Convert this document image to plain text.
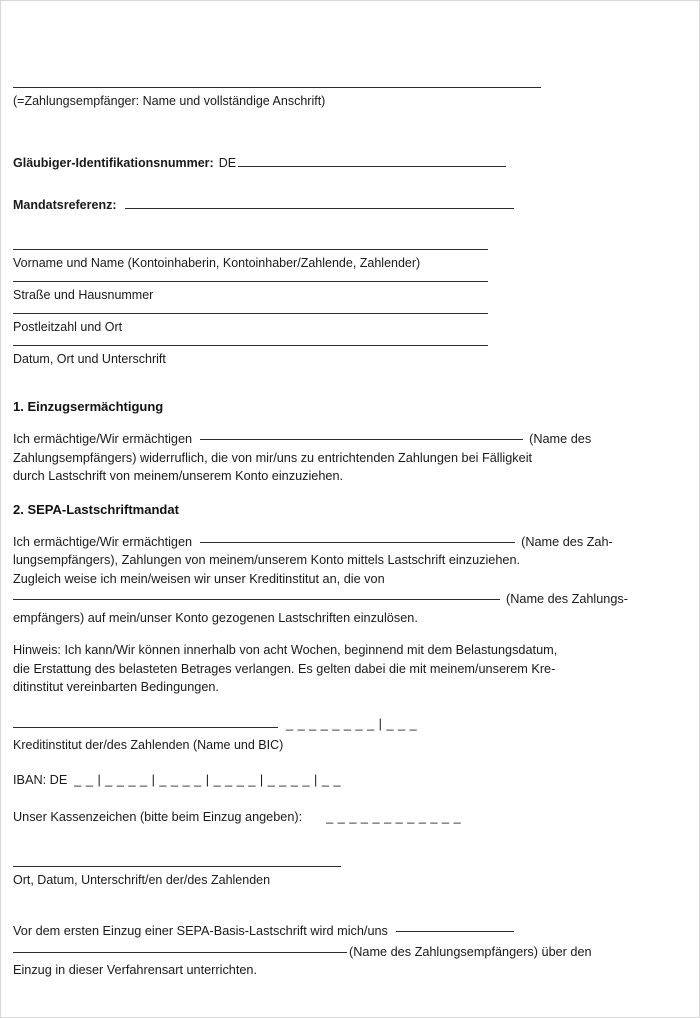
(=Zahlungsempfänger: Name und vollständige Anschrift)
Gläubiger-Identifikationsnummer: DE
Mandatsreferenz:
Vorname und Name (Kontoinhaberin, Kontoinhaber/Zahlende, Zahlender)
Straße und Hausnummer
Postleitzahl und Ort
Datum, Ort und Unterschrift
1. Einzugsermächtigung
Ich ermächtige/Wir ermächtigen	(Name des
Zahlungsempfängers) widerruflich, die von mir/uns zu entrichtenden Zahlungen bei Fälligkeit
durch Lastschrift von meinem/unserem Konto einzuziehen.
2. SEPA-Lastschriftmandat
Ich ermächtige/Wir ermächtigen	(Name des Zah-
lungsempfängers), Zahlungen von meinem/unserem Konto mittels Lastschrift einzuziehen.
Zugleich weise ich mein/weisen wir unser Kreditinstitut an, die von
(Name des Zahlungs-
empfängers) auf mein/unser Konto gezogenen Lastschriften einzulösen.
Hinweis: Ich kann/Wir können innerhalb von acht Wochen, beginnend mit dem Belastungsdatum,
die Erstattung des belasteten Betrages verlangen. Es gelten dabei die mit meinem/unserem Kre-
ditinstitut vereinbarten Bedingungen.
_ _ _ _ _ _ _ _ | _ _ _
Kreditinstitut der/des Zahlenden (Name und BIC)
IBAN: DE _ _ | _ _ _ _ | _ _ _ _ | _ _ _ _ | _ _ _ _ | _ _
Unser Kassenzeichen (bitte beim Einzug angeben): _ _ _ _ _ _ _ _ _ _ _ _
Ort, Datum, Unterschrift/en der/des Zahlenden
Vor dem ersten Einzug einer SEPA-Basis-Lastschrift wird mich/uns
(Name des Zahlungsempfängers) über den
Einzug in dieser Verfahrensart unterrichten.
